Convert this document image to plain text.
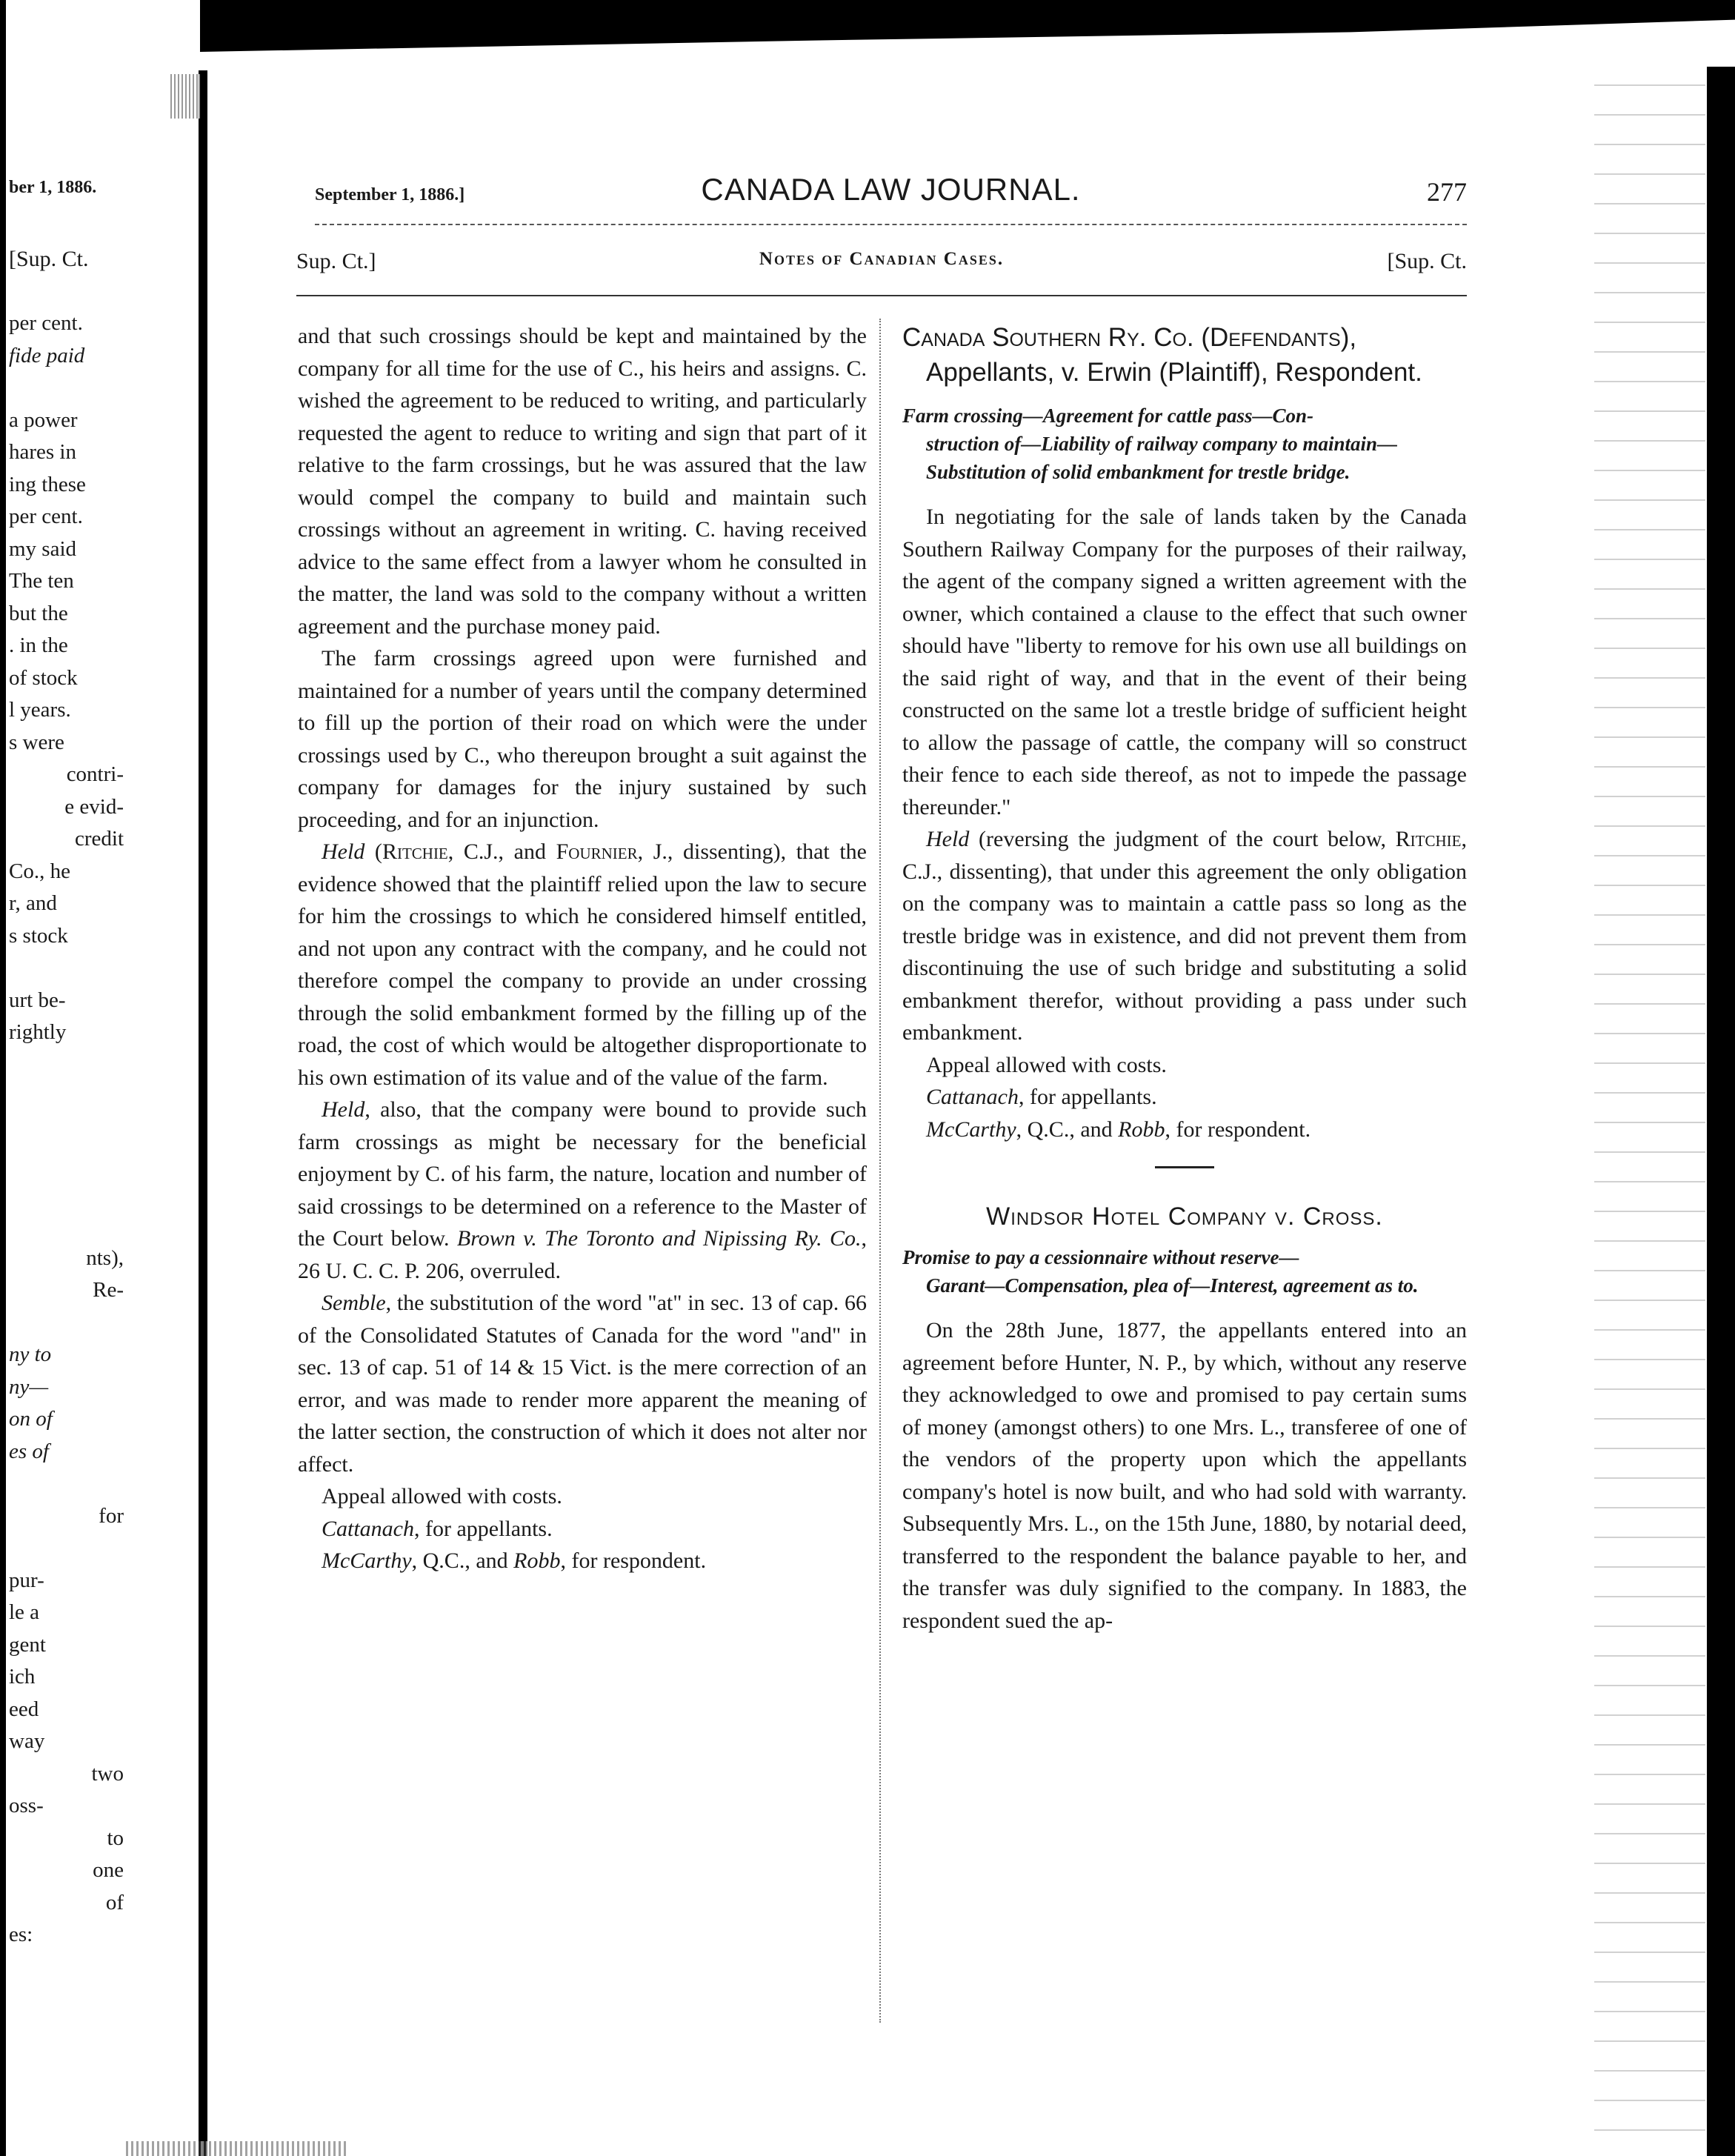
ber 1, 1886.
[Sup. Ct.
per cent.
fide paid
a power
hares in
ing these
per cent.
my said
The ten
but the
. in the
of stock
l years.
s were
contri-
e evid-
credit
Co., he
r, and
s stock
urt be-
rightly
nts),
Re-
ny to
ny—
on of
es of
for
pur-
le a
gent
ich
eed
way
two
oss-
to
one
of
es:
September 1, 1886.]	CANADA LAW JOURNAL.	277
Sup. Ct.]	Notes of Canadian Cases.	[Sup. Ct.

and that such crossings should be kept and maintained by the company for all time for the use of C., his heirs and assigns. C. wished the agreement to be reduced to writing, and particularly requested the agent to reduce to writing and sign that part of it relative to the farm crossings, but he was assured that the law would compel the company to build and maintain such crossings without an agreement in writing. C. having received advice to the same effect from a lawyer whom he consulted in the matter, the land was sold to the company without a written agreement and the purchase money paid.

The farm crossings agreed upon were furnished and maintained for a number of years until the company determined to fill up the portion of their road on which were the under crossings used by C., who thereupon brought a suit against the company for damages for the injury sustained by such proceeding, and for an injunction.

Held (Ritchie, C.J., and Fournier, J., dissenting), that the evidence showed that the plaintiff relied upon the law to secure for him the crossings to which he considered himself entitled, and not upon any contract with the company, and he could not therefore compel the company to provide an under crossing through the solid embankment formed by the filling up of the road, the cost of which would be altogether disproportionate to his own estimation of its value and of the value of the farm.

Held, also, that the company were bound to provide such farm crossings as might be necessary for the beneficial enjoyment by C. of his farm, the nature, location and number of said crossings to be determined on a reference to the Master of the Court below. Brown v. The Toronto and Nipissing Ry. Co., 26 U. C. C. P. 206, overruled.

Semble, the substitution of the word "at" in sec. 13 of cap. 66 of the Consolidated Statutes of Canada for the word "and" in sec. 13 of cap. 51 of 14 & 15 Vict. is the mere correction of an error, and was made to render more apparent the meaning of the latter section, the construction of which it does not alter nor affect.

Appeal allowed with costs.

Cattanach, for appellants.

McCarthy, Q.C., and Robb, for respondent.

Canada Southern Ry. Co. (Defendants),
Appellants, v. Erwin (Plaintiff), Respondent.
Farm crossing—Agreement for cattle pass—Con-
struction of—Liability of railway company to maintain—Substitution of solid embankment for trestle bridge.

In negotiating for the sale of lands taken by the Canada Southern Railway Company for the purposes of their railway, the agent of the company signed a written agreement with the owner, which contained a clause to the effect that such owner should have "liberty to remove for his own use all buildings on the said right of way, and that in the event of their being constructed on the same lot a trestle bridge of sufficient height to allow the passage of cattle, the company will so construct their fence to each side thereof, as not to impede the passage thereunder."

Held (reversing the judgment of the court below, Ritchie, C.J., dissenting), that under this agreement the only obligation on the company was to maintain a cattle pass so long as the trestle bridge was in existence, and did not prevent them from discontinuing the use of such bridge and substituting a solid embankment therefor, without providing a pass under such embankment.

Appeal allowed with costs.

Cattanach, for appellants.

McCarthy, Q.C., and Robb, for respondent.

Windsor Hotel Company v. Cross.
Promise to pay a cessionnaire without reserve—
Garant—Compensation, plea of—Interest, agreement as to.

On the 28th June, 1877, the appellants entered into an agreement before Hunter, N. P., by which, without any reserve they acknowledged to owe and promised to pay certain sums of money (amongst others) to one Mrs. L., transferee of one of the vendors of the property upon which the appellants company's hotel is now built, and who had sold with warranty. Subsequently Mrs. L., on the 15th June, 1880, by notarial deed, transferred to the respondent the balance payable to her, and the transfer was duly signified to the company. In 1883, the respondent sued the ap-
